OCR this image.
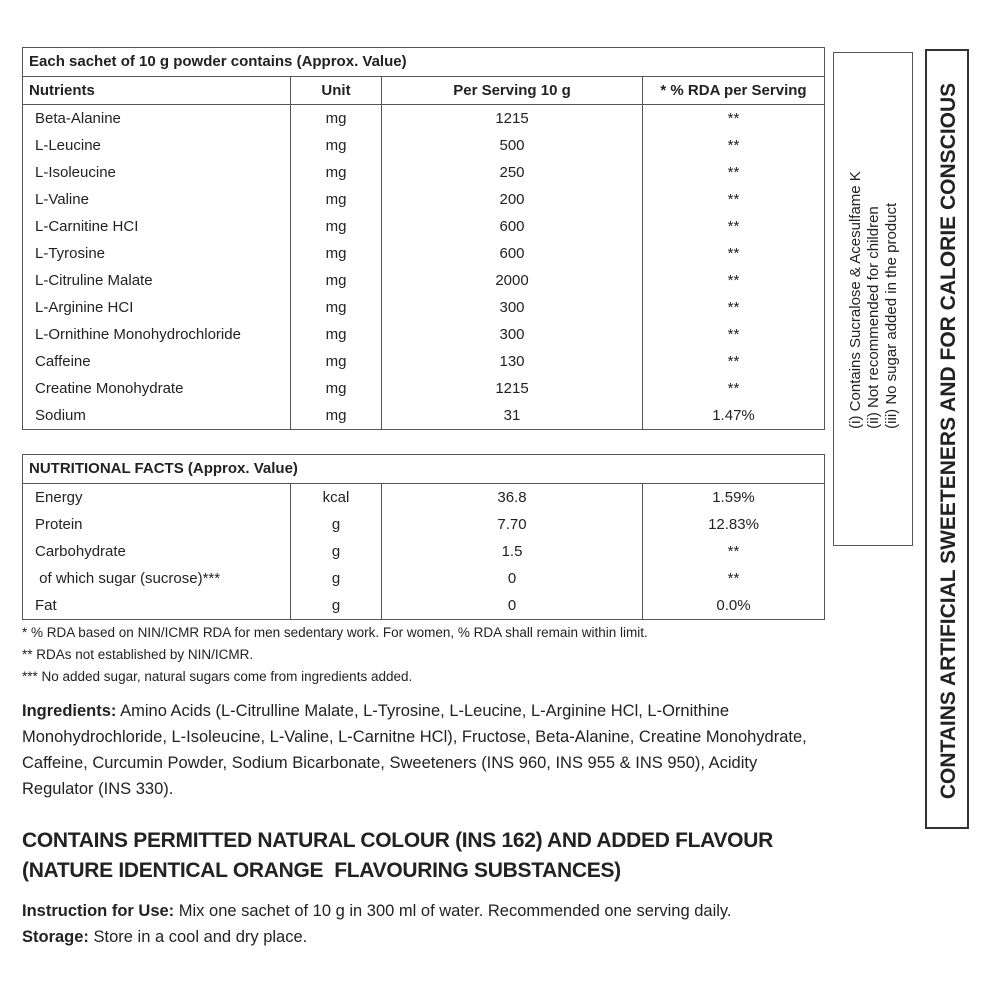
Each sachet of 10 g powder contains (Approx. Value)
Nutrients	Unit	Per Serving 10 g	* % RDA per Serving
Beta-Alanine	mg	1215	**
L-Leucine	mg	500	**
L-Isoleucine	mg	250	**
L-Valine	mg	200	**
L-Carnitine HCI	mg	600	**
L-Tyrosine	mg	600	**
L-Citruline Malate	mg	2000	**
L-Arginine HCI	mg	300	**
L-Ornithine Monohydrochloride	mg	300	**
Caffeine	mg	130	**
Creatine Monohydrate	mg	1215	**
Sodium	mg	31	1.47%
NUTRITIONAL FACTS (Approx. Value)
Energy	kcal	36.8	1.59%
Protein	g	7.70	12.83%
Carbohydrate	g	1.5	**
of which sugar (sucrose)***	g	0	**
Fat	g	0	0.0%
* % RDA based on NIN/ICMR RDA for men sedentary work. For women, % RDA shall remain within limit.
** RDAs not established by NIN/ICMR.
*** No added sugar, natural sugars come from ingredients added.
Ingredients: Amino Acids (L-Citrulline Malate, L-Tyrosine, L-Leucine, L-Arginine HCl, L-Ornithine Monohydrochloride, L-Isoleucine, L-Valine, L-Carnitne HCl), Fructose, Beta-Alanine, Creatine Monohydrate, Caffeine, Curcumin Powder, Sodium Bicarbonate, Sweeteners (INS 960, INS 955 & INS 950), Acidity Regulator (INS 330).
CONTAINS PERMITTED NATURAL COLOUR (INS 162) AND ADDED FLAVOUR
(NATURE IDENTICAL ORANGE  FLAVOURING SUBSTANCES)
Instruction for Use: Mix one sachet of 10 g in 300 ml of water. Recommended one serving daily.
Storage: Store in a cool and dry place.
(i) Contains Sucralose & Acesulfame K (ii) Not recommended for children (iii) No sugar added in the product CONTAINS ARTIFICIAL SWEETENERS AND FOR CALORIE CONSCIOUS
